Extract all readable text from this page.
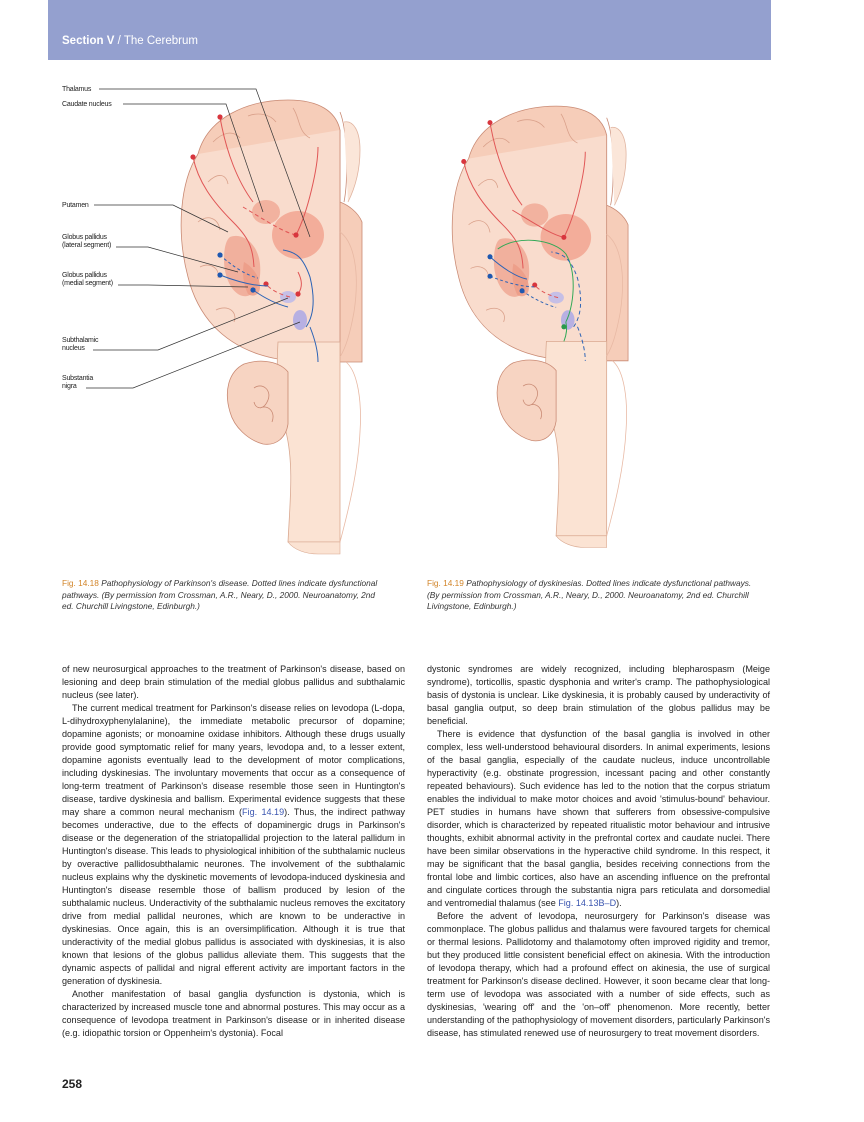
Section V / The Cerebrum
Thalamus
Caudate nucleus
Putamen
Globus pallidus
(lateral segment)
Globus pallidus
(medial segment)
Subthalamic
nucleus
Substantia
nigra
Fig. 14.18 Pathophysiology of Parkinson's disease. Dotted lines indicate dysfunctional pathways. (By permission from Crossman, A.R., Neary, D., 2000. Neuroanatomy, 2nd ed. Churchill Livingstone, Edinburgh.)
Fig. 14.19 Pathophysiology of dyskinesias. Dotted lines indicate dysfunctional pathways. (By permission from Crossman, A.R., Neary, D., 2000. Neuroanatomy, 2nd ed. Churchill Livingstone, Edinburgh.)

of new neurosurgical approaches to the treatment of Parkinson's disease, based on lesioning and deep brain stimulation of the medial globus pallidus and subthalamic nucleus (see later).

The current medical treatment for Parkinson's disease relies on levodopa (L-dopa, L-dihydroxyphenylalanine), the immediate metabolic precursor of dopamine; dopamine agonists; or monoamine oxidase inhibitors. Although these drugs usually provide good symptomatic relief for many years, levodopa and, to a lesser extent, dopamine agonists eventually lead to the development of motor complications, including dyskinesias. The involuntary movements that occur as a consequence of long-term treatment of Parkinson's disease resemble those seen in Huntington's disease, tardive dyskinesia and ballism. Experimental evidence suggests that these may share a common neural mechanism (Fig. 14.19). Thus, the indirect pathway becomes underactive, due to the effects of dopaminergic drugs in Parkinson's disease or the degeneration of the striatopallidal projection to the lateral pallidum in Huntington's disease. This leads to physiological inhibition of the subthalamic nucleus by overactive pallidosubthalamic neurones. The involvement of the subthalamic nucleus explains why the dyskinetic movements of levodopa-induced dyskinesia and Huntington's disease resemble those of ballism produced by lesion of the subthalamic nucleus. Underactivity of the subthalamic nucleus removes the excitatory drive from medial pallidal neurones, which are known to be underactive in dyskinesias. Once again, this is an oversimplification. Although it is true that underactivity of the medial globus pallidus is associated with dyskinesias, it is also known that lesions of the globus pallidus alleviate them. This suggests that the dynamic aspects of pallidal and nigral efferent activity are important factors in the generation of dyskinesia.

Another manifestation of basal ganglia dysfunction is dystonia, which is characterized by increased muscle tone and abnormal postures. This may occur as a consequence of levodopa treatment in Parkinson's disease or in inherited disease (e.g. idiopathic torsion or Oppenheim's dystonia). Focal

dystonic syndromes are widely recognized, including blepharospasm (Meige syndrome), torticollis, spastic dysphonia and writer's cramp. The pathophysiological basis of dystonia is unclear. Like dyskinesia, it is probably caused by underactivity of basal ganglia output, so deep brain stimulation of the globus pallidus may be beneficial.

There is evidence that dysfunction of the basal ganglia is involved in other complex, less well-understood behavioural disorders. In animal experiments, lesions of the basal ganglia, especially of the caudate nucleus, induce uncontrollable hyperactivity (e.g. obstinate progression, incessant pacing and other constantly repeated behaviours). Such evidence has led to the notion that the corpus striatum enables the individual to make motor choices and avoid 'stimulus-bound' behaviour. PET studies in humans have shown that sufferers from obsessive-compulsive disorder, which is characterized by repeated ritualistic motor behaviour and intrusive thoughts, exhibit abnormal activity in the prefrontal cortex and caudate nuclei. There have been similar observations in the hyperactive child syndrome. In this respect, it may be significant that the basal ganglia, besides receiving connections from the frontal lobe and limbic cortices, also have an ascending influence on the prefrontal and cingulate cortices through the substantia nigra pars reticulata and dorsomedial and ventromedial thalamus (see Fig. 14.13B–D).

Before the advent of levodopa, neurosurgery for Parkinson's disease was commonplace. The globus pallidus and thalamus were favoured targets for chemical or thermal lesions. Pallidotomy and thalamotomy often improved rigidity and tremor, but they produced little consistent beneficial effect on akinesia. With the introduction of levodopa therapy, which had a profound effect on akinesia, the use of surgical treatment for Parkinson's disease declined. However, it soon became clear that long-term use of levodopa was associated with a number of side effects, such as dyskinesias, 'wearing off' and the 'on–off' phenomenon. More recently, better understanding of the pathophysiology of movement disorders, particularly Parkinson's disease, has stimulated renewed use of neurosurgery to treat movement disorders.

258
